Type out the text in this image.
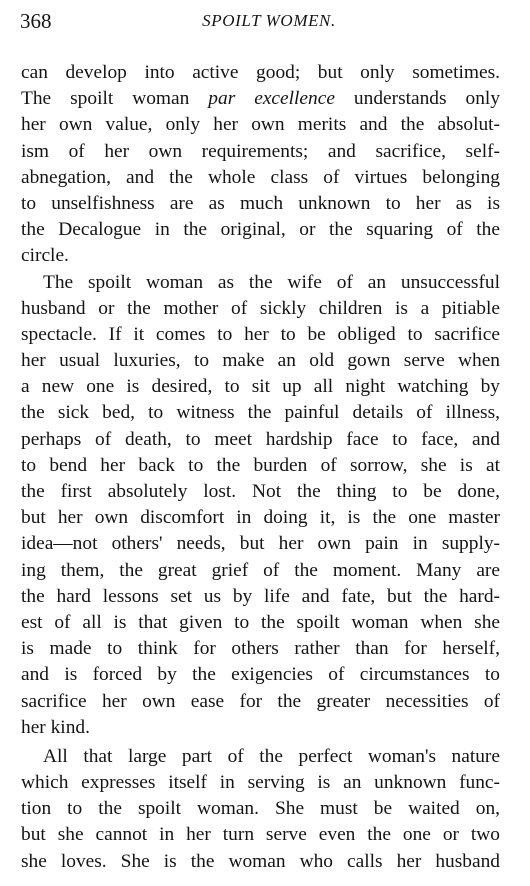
368	SPOILT WOMEN.
can develop into active good; but only sometimes.
The spoilt woman par excellence understands only
her own value, only her own merits and the absolut-
ism of her own requirements; and sacrifice, self-
abnegation, and the whole class of virtues belonging
to unselfishness are as much unknown to her as is
the Decalogue in the original, or the squaring of the
circle.
The spoilt woman as the wife of an unsuccessful
husband or the mother of sickly children is a pitiable
spectacle. If it comes to her to be obliged to sacrifice
her usual luxuries, to make an old gown serve when
a new one is desired, to sit up all night watching by
the sick bed, to witness the painful details of illness,
perhaps of death, to meet hardship face to face, and
to bend her back to the burden of sorrow, she is at
the first absolutely lost. Not the thing to be done,
but her own discomfort in doing it, is the one master
idea—not others' needs, but her own pain in supply-
ing them, the great grief of the moment. Many are
the hard lessons set us by life and fate, but the hard-
est of all is that given to the spoilt woman when she
is made to think for others rather than for herself,
and is forced by the exigencies of circumstances to
sacrifice her own ease for the greater necessities of
her kind.
All that large part of the perfect woman's nature
which expresses itself in serving is an unknown func-
tion to the spoilt woman. She must be waited on,
but she cannot in her turn serve even the one or two
she loves. She is the woman who calls her husband
